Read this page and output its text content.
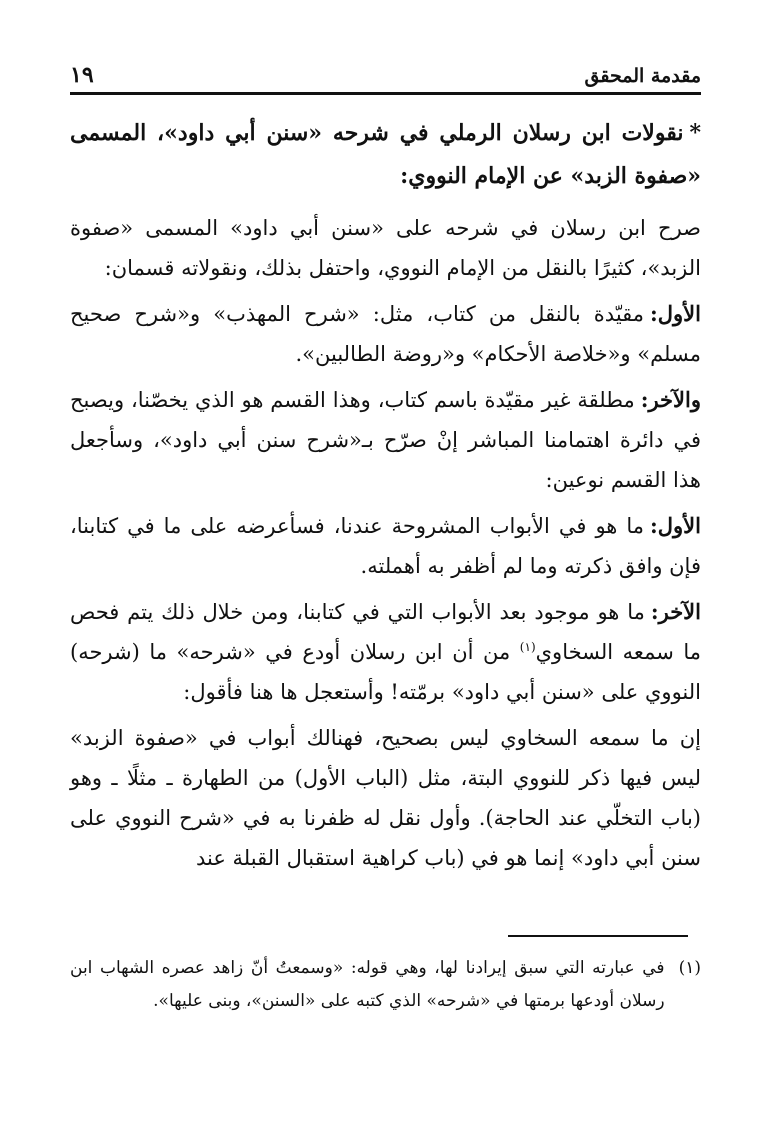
مقدمة المحقق
١٩

*نقولات ابن رسلان الرملي في شرحه «سنن أبي داود»، المسمى «صفوة الزبد» عن الإمام النووي:

صرح ابن رسلان في شرحه على «سنن أبي داود» المسمى «صفوة الزبد»، كثيرًا بالنقل من الإمام النووي، واحتفل بذلك، ونقولاته قسمان:

الأول:مقيّدة بالنقل من كتاب، مثل: «شرح المهذب» و«شرح صحيح مسلم» و«خلاصة الأحكام» و«روضة الطالبين».

والآخر:مطلقة غير مقيّدة باسم كتاب، وهذا القسم هو الذي يخصّنا، ويصبح في دائرة اهتمامنا المباشر إنْ صرّح بـ«شرح سنن أبي داود»، وسأجعل هذا القسم نوعين:

الأول:ما هو في الأبواب المشروحة عندنا، فسأعرضه على ما في كتابنا، فإن وافق ذكرته وما لم أظفر به أهملته.

الآخر:ما هو موجود بعد الأبواب التي في كتابنا، ومن خلال ذلك يتم فحص ما سمعه السخاوي$^{(١)}$ من أن ابن رسلان أودع في «شرحه» ما (شرحه) النووي على «سنن أبي داود» برمّته! وأستعجل ها هنا فأقول:

إن ما سمعه السخاوي ليس بصحيح، فهنالك أبواب في «صفوة الزبد» ليس فيها ذكر للنووي البتة، مثل (الباب الأول) من الطهارة ـ مثلًا ـ وهو (باب التخلّي عند الحاجة). وأول نقل له ظفرنا به في «شرح النووي على سنن أبي داود» إنما هو في (باب كراهية استقبال القبلة عند

(١)
في عبارته التي سبق إيرادنا لها، وهي قوله: «وسمعتُ أنّ زاهد عصره الشهاب ابن رسلان أودعها برمتها في «شرحه» الذي كتبه على «السنن»، وبنى عليها».
